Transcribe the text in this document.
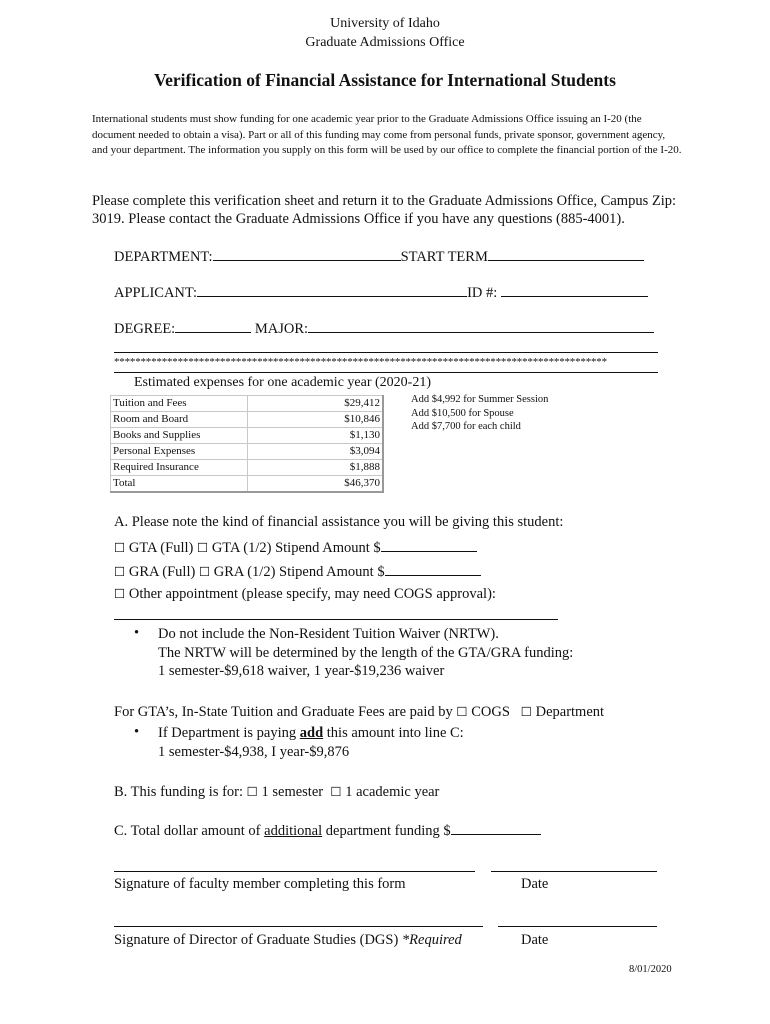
University of Idaho
Graduate Admissions Office
Verification of Financial Assistance for International Students
International students must show funding for one academic year prior to the Graduate Admissions Office issuing an I-20 (the document needed to obtain a visa). Part or all of this funding may come from personal funds, private sponsor, government agency, and your department. The information you supply on this form will be used by our office to complete the financial portion of the I-20.
Please complete this verification sheet and return it to the Graduate Admissions Office, Campus Zip: 3019. Please contact the Graduate Admissions Office if you have any questions (885-4001).
DEPARTMENT:	START TERM
APPLICANT:	ID #:
DEGREE:	MAJOR:
*********************************************************************************************
Estimated expenses for one academic year (2020-21)
Tuition and Fees	$29,412
Room and Board	$10,846
Books and Supplies	$1,130
Personal Expenses	$3,094
Required Insurance	$1,888
Total	$46,370
Add $4,992 for Summer Session
Add $10,500 for Spouse
Add $7,700 for each child
A. Please note the kind of financial assistance you will be giving this student:
☐ GTA (Full) ☐ GTA (1/2) Stipend Amount $
☐ GRA (Full) ☐ GRA (1/2) Stipend Amount $
☐ Other appointment (please specify, may need COGS approval):
• Do not include the Non-Resident Tuition Waiver (NRTW).
The NRTW will be determined by the length of the GTA/GRA funding:
1 semester-$9,618 waiver, 1 year-$19,236 waiver
For GTA’s, In-State Tuition and Graduate Fees are paid by ☐ COGS ☐ Department
• If Department is paying add this amount into line C:
1 semester-$4,938, I year-$9,876
B. This funding is for: ☐ 1 semester ☐ 1 academic year
C. Total dollar amount of additional department funding $
Signature of faculty member completing this form	Date
Signature of Director of Graduate Studies (DGS) *Required	Date
8/01/2020
